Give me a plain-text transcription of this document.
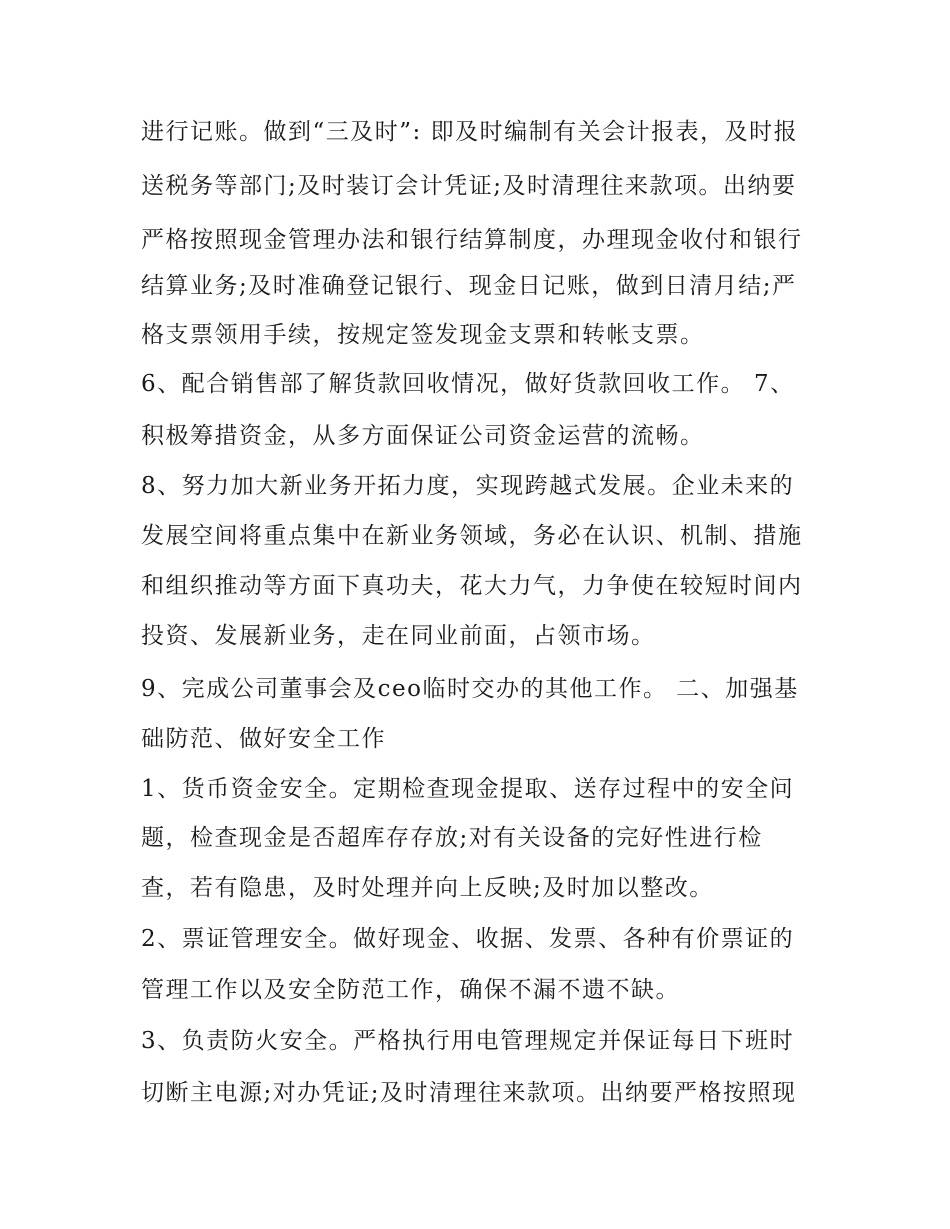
进行记账。做到“三及时”: 即及时编制有关会计报表，及时报
送税务等部门;及时装订会计凭证;及时清理往来款项。出纳要
严格按照现金管理办法和银行结算制度，办理现金收付和银行
结算业务;及时准确登记银行、现金日记账，做到日清月结;严
格支票领用手续，按规定签发现金支票和转帐支票。
6、配合销售部了解货款回收情况，做好货款回收工作。 7、
积极筹措资金，从多方面保证公司资金运营的流畅。
8、努力加大新业务开拓力度，实现跨越式发展。企业未来的
发展空间将重点集中在新业务领域，务必在认识、机制、措施
和组织推动等方面下真功夫，花大力气，力争使在较短时间内
投资、发展新业务，走在同业前面，占领市场。
9、完成公司董事会及ceo临时交办的其他工作。 二、加强基
础防范、做好安全工作
1、货币资金安全。定期检查现金提取、送存过程中的安全问
题，检查现金是否超库存存放;对有关设备的完好性进行检
查，若有隐患，及时处理并向上反映;及时加以整改。
2、票证管理安全。做好现金、收据、发票、各种有价票证的
管理工作以及安全防范工作，确保不漏不遗不缺。
3、负责防火安全。严格执行用电管理规定并保证每日下班时
切断主电源;对办凭证;及时清理往来款项。出纳要严格按照现
